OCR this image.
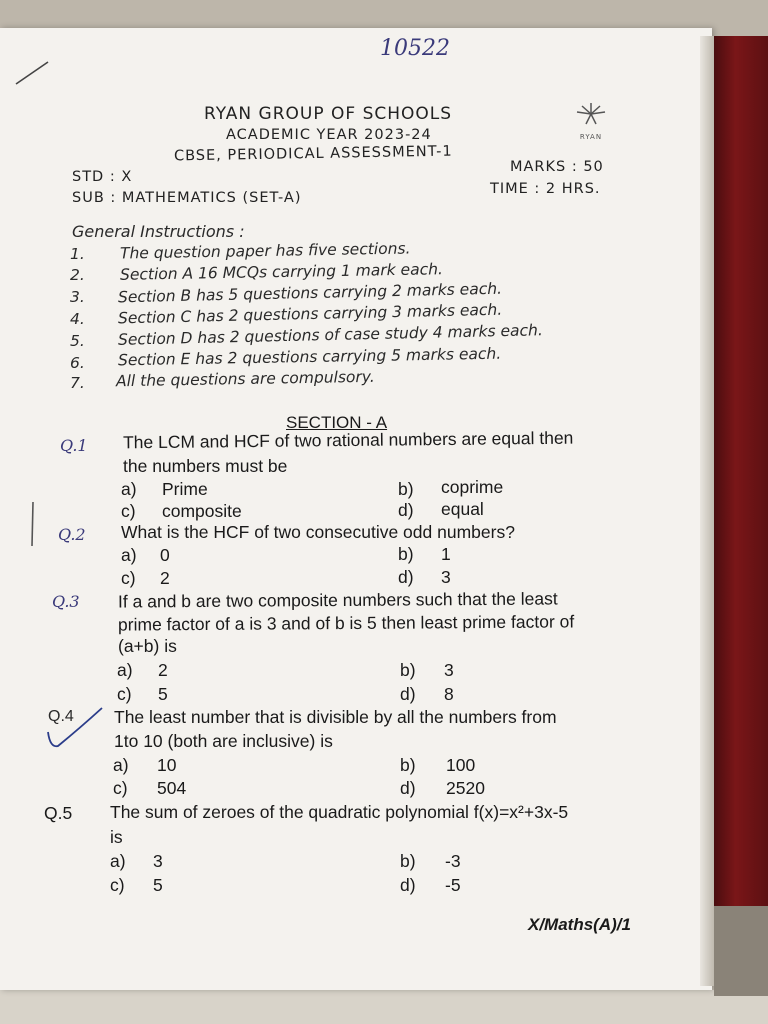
10522
RYAN GROUP OF SCHOOLS
ACADEMIC YEAR 2023-24
CBSE, PERIODICAL ASSESSMENT-1
STD : X
SUB : MATHEMATICS (SET-A)
MARKS : 50
TIME : 2 HRS.
RYAN
General Instructions :
1. The question paper has five sections.
2. Section A 16 MCQs carrying 1 mark each.
3. Section B has 5 questions carrying 2 marks each.
4. Section C has 2 questions carrying 3 marks each.
5. Section D has 2 questions of case study 4 marks each.
6. Section E has 2 questions carrying 5 marks each.
7. All the questions are compulsory.
SECTION - A
Q.1 The LCM and HCF of two rational numbers are equal then
the numbers must be
a) Prime	b) coprime
c) composite	d) equal
Q.2 What is the HCF of two consecutive odd numbers?
a) 0	b) 1
c) 2	d) 3
Q.3 If a and b are two composite numbers such that the least
prime factor of a is 3 and of b is 5 then least prime factor of
(a+b) is
a) 2	b) 3
c) 5	d) 8
Q.4 The least number that is divisible by all the numbers from
1to 10 (both are inclusive) is
a) 10	b) 100
c) 504	d) 2520
Q.5 The sum of zeroes of the quadratic polynomial f(x)=x²+3x-5
is
a) 3	b) -3
c) 5	d) -5
X/Maths(A)/1
